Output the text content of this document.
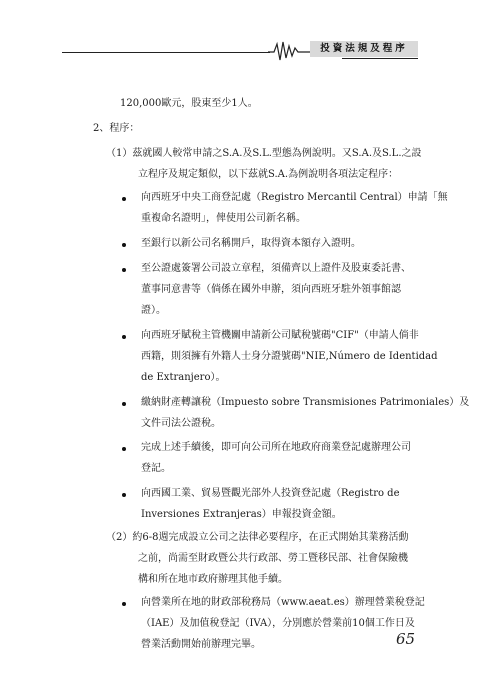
投資法規及程序
120,000歐元，股東至少1人。
2、程序：
（1）茲就國人較常申請之S.A.及S.L.型態為例說明。又S.A.及S.L.之設
立程序及規定類似，以下茲就S.A.為例說明各項法定程序：
向西班牙中央工商登記處（Registro Mercantil Central）申請「無
重複命名證明」，俾使用公司新名稱。
至銀行以新公司名稱開戶，取得資本額存入證明。
至公證處簽署公司設立章程，須備齊以上證件及股東委託書、
董事同意書等（倘係在國外申辦，須向西班牙駐外領事館認
證）。
向西班牙賦稅主管機關申請新公司賦稅號碼"CIF"（申請人倘非
西籍，則須擁有外籍人士身分證號碼"NIE,Número de Identidad
de Extranjero）。
繳納財產轉讓稅（Impuesto sobre Transmisiones Patrimoniales）及
文件司法公證稅。
完成上述手續後，即可向公司所在地政府商業登記處辦理公司
登記。
向西國工業、貿易暨觀光部外人投資登記處（Registro de
Inversiones Extranjeras）申報投資金額。
（2）約6-8週完成設立公司之法律必要程序，在正式開始其業務活動
之前，尚需至財政暨公共行政部、勞工暨移民部、社會保險機
構和所在地市政府辦理其他手續。
向營業所在地的財政部稅務局（www.aeat.es）辦理營業稅登記
（IAE）及加值稅登記（IVA），分別應於營業前10個工作日及
營業活動開始前辦理完畢。	65
